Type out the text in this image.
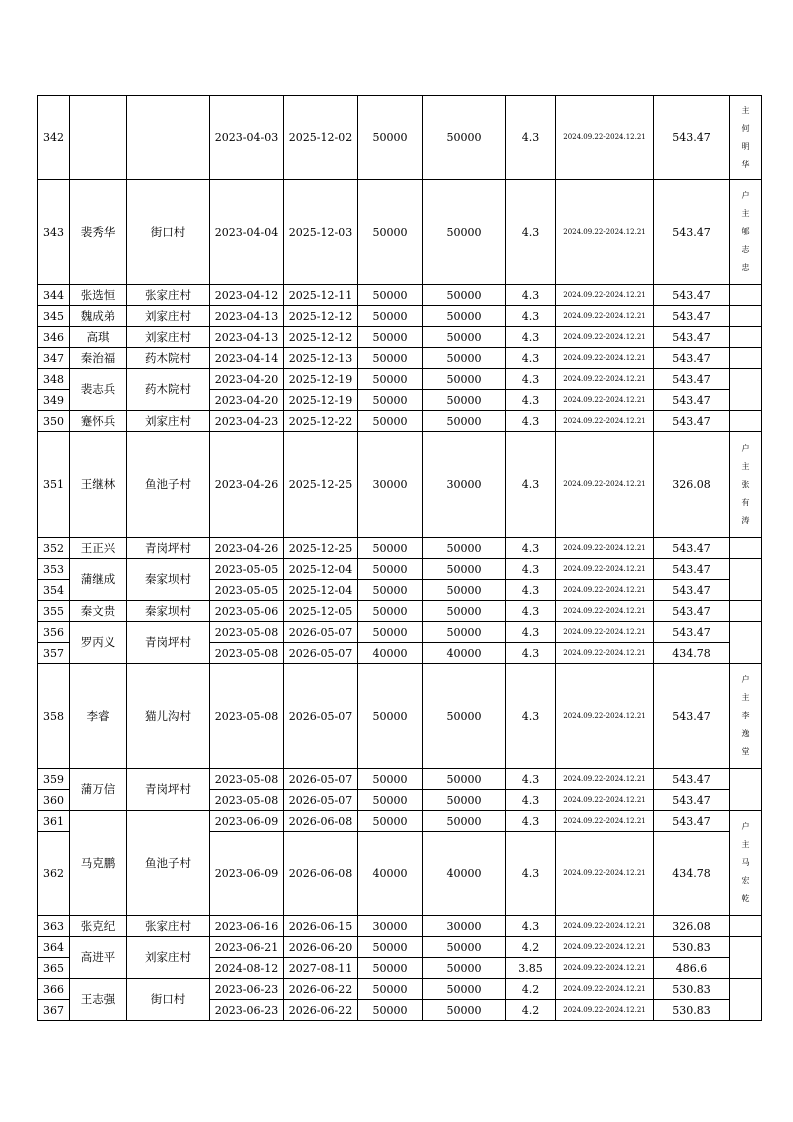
342			2023-04-03	2025-12-02	50000	50000	4.3	2024.09.22-2024.12.21	543.47	主
何
明
华

343	裴秀华	街口村	2023-04-04	2025-12-03	50000	50000	4.3	2024.09.22-2024.12.21	543.47	户
主
郇
志
忠

344	张选恒	张家庄村	2023-04-12	2025-12-11	50000	50000	4.3	2024.09.22-2024.12.21	543.47	
345	魏成弟	刘家庄村	2023-04-13	2025-12-12	50000	50000	4.3	2024.09.22-2024.12.21	543.47	
346	高琪	刘家庄村	2023-04-13	2025-12-12	50000	50000	4.3	2024.09.22-2024.12.21	543.47	
347	秦治福	药木院村	2023-04-14	2025-12-13	50000	50000	4.3	2024.09.22-2024.12.21	543.47	
348	裴志兵	药木院村	2023-04-20	2025-12-19	50000	50000	4.3	2024.09.22-2024.12.21	543.47	
349			2023-04-20	2025-12-19	50000	50000	4.3	2024.09.22-2024.12.21	543.47	
350	蹇怀兵	刘家庄村	2023-04-23	2025-12-22	50000	50000	4.3	2024.09.22-2024.12.21	543.47	
351	王继林	鱼池子村	2023-04-26	2025-12-25	30000	30000	4.3	2024.09.22-2024.12.21	326.08	户
主
张
有
涛

352	王正兴	青岗坪村	2023-04-26	2025-12-25	50000	50000	4.3	2024.09.22-2024.12.21	543.47	
353	蒲继成	秦家坝村	2023-05-05	2025-12-04	50000	50000	4.3	2024.09.22-2024.12.21	543.47	
354			2023-05-05	2025-12-04	50000	50000	4.3	2024.09.22-2024.12.21	543.47	
355	秦文贵	秦家坝村	2023-05-06	2025-12-05	50000	50000	4.3	2024.09.22-2024.12.21	543.47	
356	罗丙义	青岗坪村	2023-05-08	2026-05-07	50000	50000	4.3	2024.09.22-2024.12.21	543.47	
357			2023-05-08	2026-05-07	40000	40000	4.3	2024.09.22-2024.12.21	434.78	
358	李睿	猫儿沟村	2023-05-08	2026-05-07	50000	50000	4.3	2024.09.22-2024.12.21	543.47	户
主
李
逸
堂

359	蒲万信	青岗坪村	2023-05-08	2026-05-07	50000	50000	4.3	2024.09.22-2024.12.21	543.47	
360			2023-05-08	2026-05-07	50000	50000	4.3	2024.09.22-2024.12.21	543.47	
361	马克鹏	鱼池子村	2023-06-09	2026-06-08	50000	50000	4.3	2024.09.22-2024.12.21	543.47	户
主
马
宏
乾

362			2023-06-09	2026-06-08	40000	40000	4.3	2024.09.22-2024.12.21	434.78	
363	张克纪	张家庄村	2023-06-16	2026-06-15	30000	30000	4.3	2024.09.22-2024.12.21	326.08	
364	高进平	刘家庄村	2023-06-21	2026-06-20	50000	50000	4.2	2024.09.22-2024.12.21	530.83	
365			2024-08-12	2027-08-11	50000	50000	3.85	2024.09.22-2024.12.21	486.6	
366	王志强	街口村	2023-06-23	2026-06-22	50000	50000	4.2	2024.09.22-2024.12.21	530.83	
367			2023-06-23	2026-06-22	50000	50000	4.2	2024.09.22-2024.12.21	530.83	
